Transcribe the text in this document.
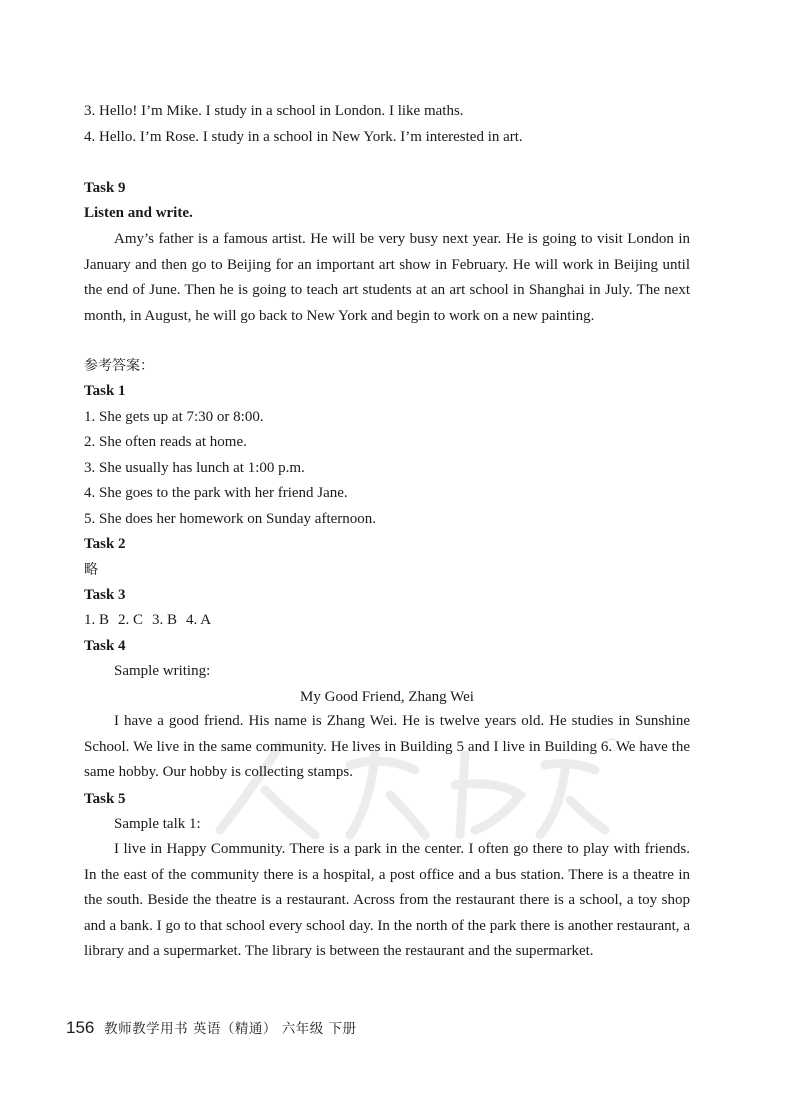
3. Hello! I’m Mike. I study in a school in London. I like maths.
4. Hello. I’m Rose. I study in a school in New York. I’m interested in art.
Task 9
Listen and write.

Amy’s father is a famous artist. He will be very busy next year. He is going to visit London in January and then go to Beijing for an important art show in February. He will work in Beijing until the end of June. Then he is going to teach art students at an art school in Shanghai in July. The next month, in August, he will go back to New York and begin to work on a new painting.

参考答案：
Task 1
1. She gets up at 7:30 or 8:00.
2. She often reads at home.
3. She usually has lunch at 1:00 p.m.
4. She goes to the park with her friend Jane.
5. She does her homework on Sunday afternoon.
Task 2
略
Task 3
1. B 2. C 3. B 4. A
Task 4
Sample writing:
My Good Friend, Zhang Wei

I have a good friend. His name is Zhang Wei. He is twelve years old. He studies in Sunshine School. We live in the same community. He lives in Building 5 and I live in Building 6. We have the same hobby. Our hobby is collecting stamps.

Task 5
Sample talk 1:

I live in Happy Community. There is a park in the center. I often go there to play with friends. In the east of the community there is a hospital, a post office and a bus station. There is a theatre in the south. Beside the theatre is a restaurant. Across from the restaurant there is a school, a toy shop and a bank. I go to that school every school day. In the north of the park there is another restaurant, a library and a supermarket. The library is between the restaurant and the supermarket.

156 教师教学用书 英语（精通） 六年级 下册
